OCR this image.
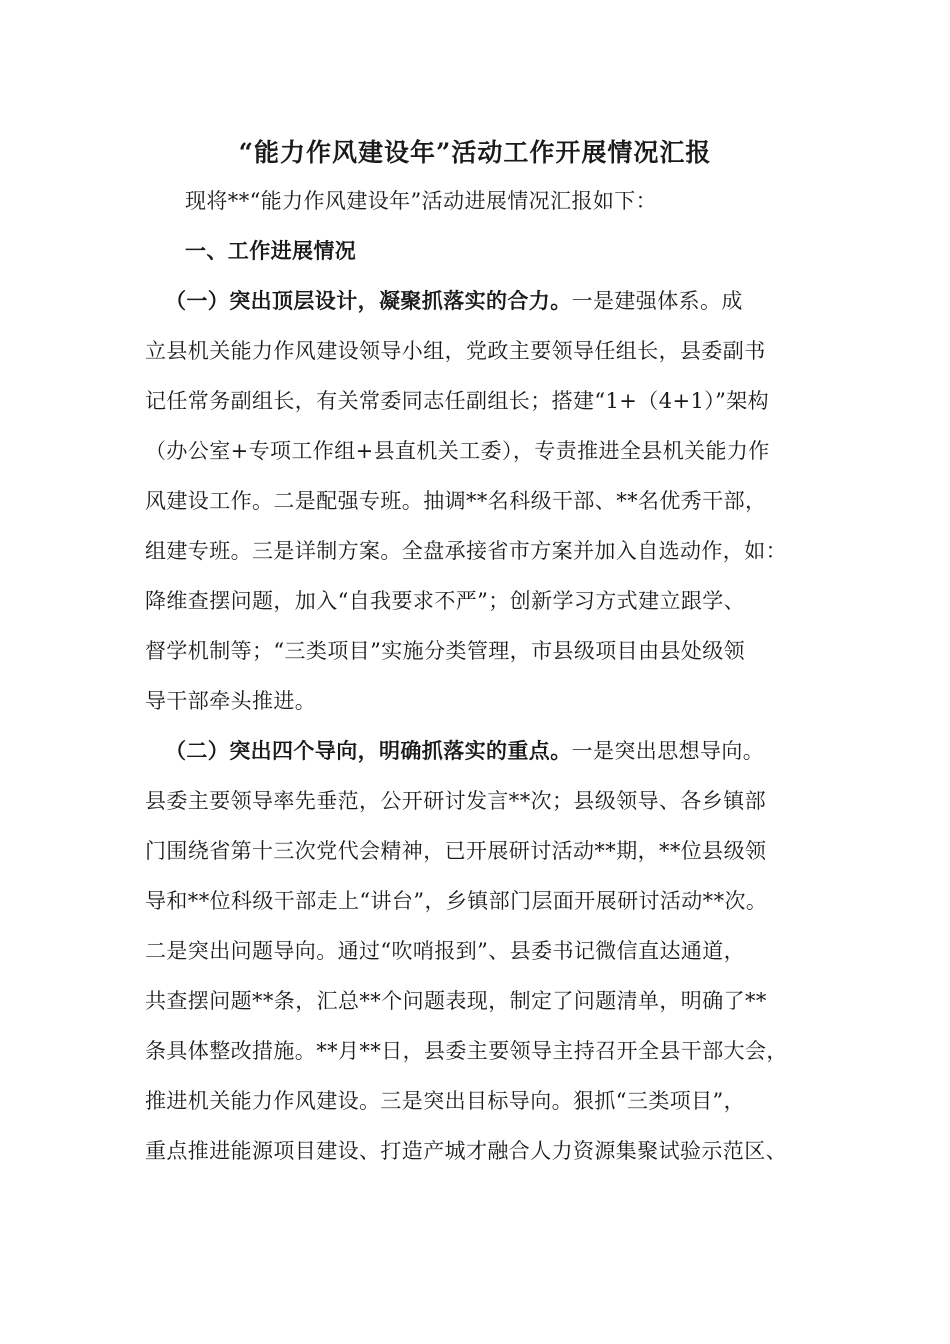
“能力作风建设年”活动工作开展情况汇报
现将**“能力作风建设年”活动进展情况汇报如下：
一、工作进展情况
（一）突出顶层设计，凝聚抓落实的合力。一是建强体系。成
立县机关能力作风建设领导小组，党政主要领导任组长，县委副书
记任常务副组长，有关常委同志任副组长；搭建“1+（4+1）”架构
（办公室+专项工作组+县直机关工委），专责推进全县机关能力作
风建设工作。二是配强专班。抽调**名科级干部、**名优秀干部，
组建专班。三是详制方案。全盘承接省市方案并加入自选动作，如：
降维查摆问题，加入“自我要求不严”；创新学习方式建立跟学、
督学机制等；“三类项目”实施分类管理，市县级项目由县处级领
导干部牵头推进。
（二）突出四个导向，明确抓落实的重点。一是突出思想导向。
县委主要领导率先垂范，公开研讨发言**次；县级领导、各乡镇部
门围绕省第十三次党代会精神，已开展研讨活动**期，**位县级领
导和**位科级干部走上“讲台”，乡镇部门层面开展研讨活动**次。
二是突出问题导向。通过“吹哨报到”、县委书记微信直达通道，
共查摆问题**条，汇总**个问题表现，制定了问题清单，明确了**
条具体整改措施。**月**日，县委主要领导主持召开全县干部大会，
推进机关能力作风建设。三是突出目标导向。狠抓“三类项目”，
重点推进能源项目建设、打造产城才融合人力资源集聚试验示范区、
